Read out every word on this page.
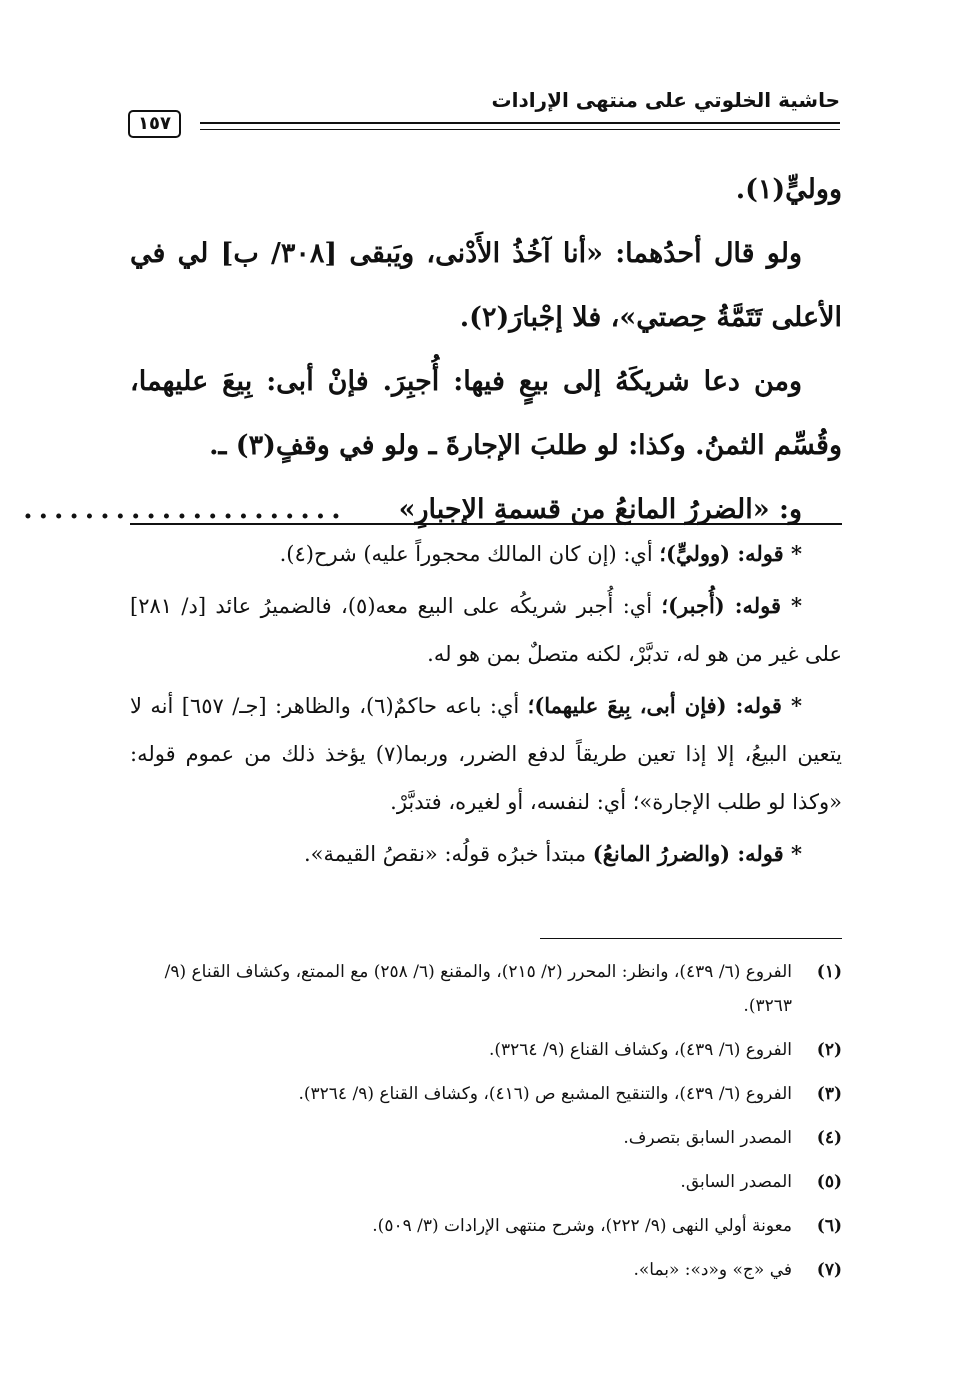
حاشية الخلوتي على منتهى الإرادات
١٥٧

ووليٍّ(١).

ولو قال أحدُهما: «أنا آخُذُ الأَدْنى، ويَبقى [٣٠٨/ ب] لي في الأعلى تَتَمَّةُ حِصتي»، فلا إجْبارَ(٢).

ومن دعا شريكَهُ إلى بيعٍ فيها: أُجبِرَ. فإنْ أبى: بِيعَ عليهما، وقُسِّم الثمنُ. وكذا: لو طلبَ الإجارةَ ـ ولو في وقفٍ(٣) ـ.

و: «الضررُ المانعُ من قسمةِ الإجبارِ»
.....................

* قوله: (ووليٍّ)؛ أي: (إن كان المالك محجوراً عليه) شرح(٤).

* قوله: (أُجبر)؛ أي: أُجبر شريكُه على البيع معه(٥)، فالضميرُ عائد [د/ ٢٨١] على غير من هو له، تدبَّرْ، لكنه متصلٌ بمن هو له.

* قوله: (فإن أبى، بِيعَ عليهما)؛ أي: باعه حاكمٌ(٦)، والظاهر: [جـ/ ٦٥٧] أنه لا يتعين البيعُ، إلا إذا تعين طريقاً لدفع الضرر، وربما(٧) يؤخذ ذلك من عموم قوله: «وكذا لو طلب الإجارة»؛ أي: لنفسه، أو لغيره، فتدبَّرْ.

* قوله: (والضررُ المانعُ) مبتدأ خبرُه قولُه: «نقصُ القيمة».

(١)
الفروع (٦/ ٤٣٩)، وانظر: المحرر (٢/ ٢١٥)، والمقنع (٦/ ٢٥٨) مع الممتع، وكشاف القناع (٩/ ٣٢٦٣).
(٢)
الفروع (٦/ ٤٣٩)، وكشاف القناع (٩/ ٣٢٦٤).
(٣)
الفروع (٦/ ٤٣٩)، والتنقيح المشبع ص (٤١٦)، وكشاف القناع (٩/ ٣٢٦٤).
(٤)
المصدر السابق بتصرف.
(٥)
المصدر السابق.
(٦)
معونة أولي النهى (٩/ ٢٢٢)، وشرح منتهى الإرادات (٣/ ٥٠٩).
(٧)
في «ج» و«د»: «بما».
